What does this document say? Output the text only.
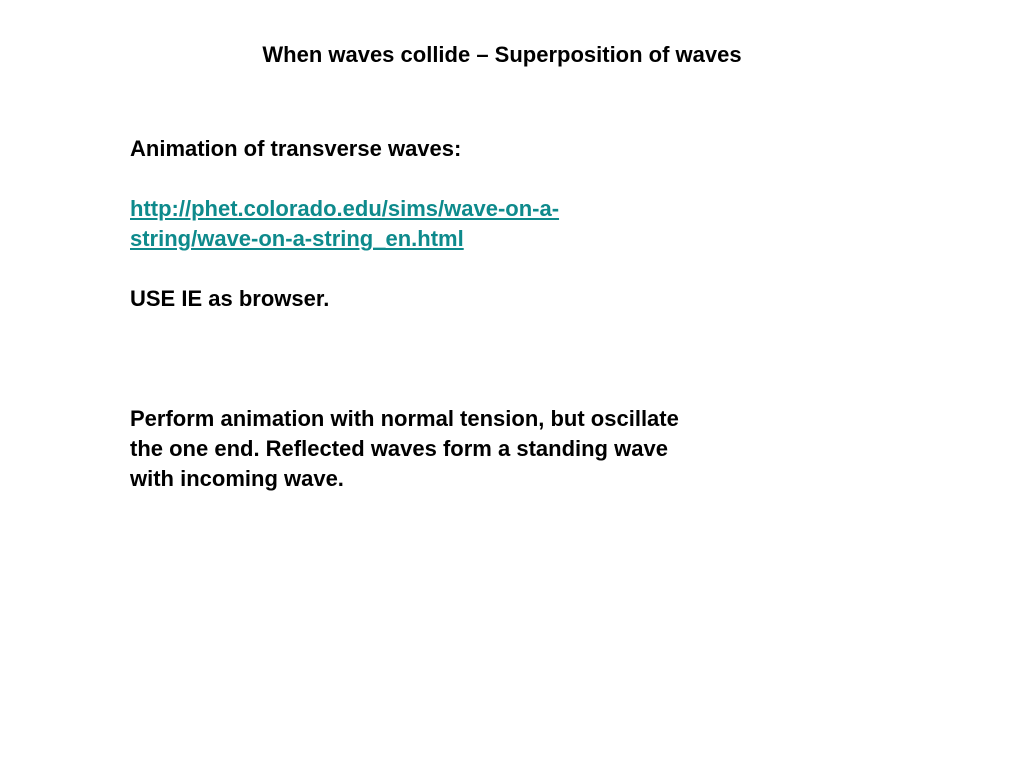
When waves collide – Superposition of waves

Animation of transverse waves:

http://phet.colorado.edu/sims/wave-on-a-
string/wave-on-a-string_en.html

USE IE as browser.

Perform animation with normal tension, but oscillate

the one end. Reflected waves form a standing wave

with incoming wave.
